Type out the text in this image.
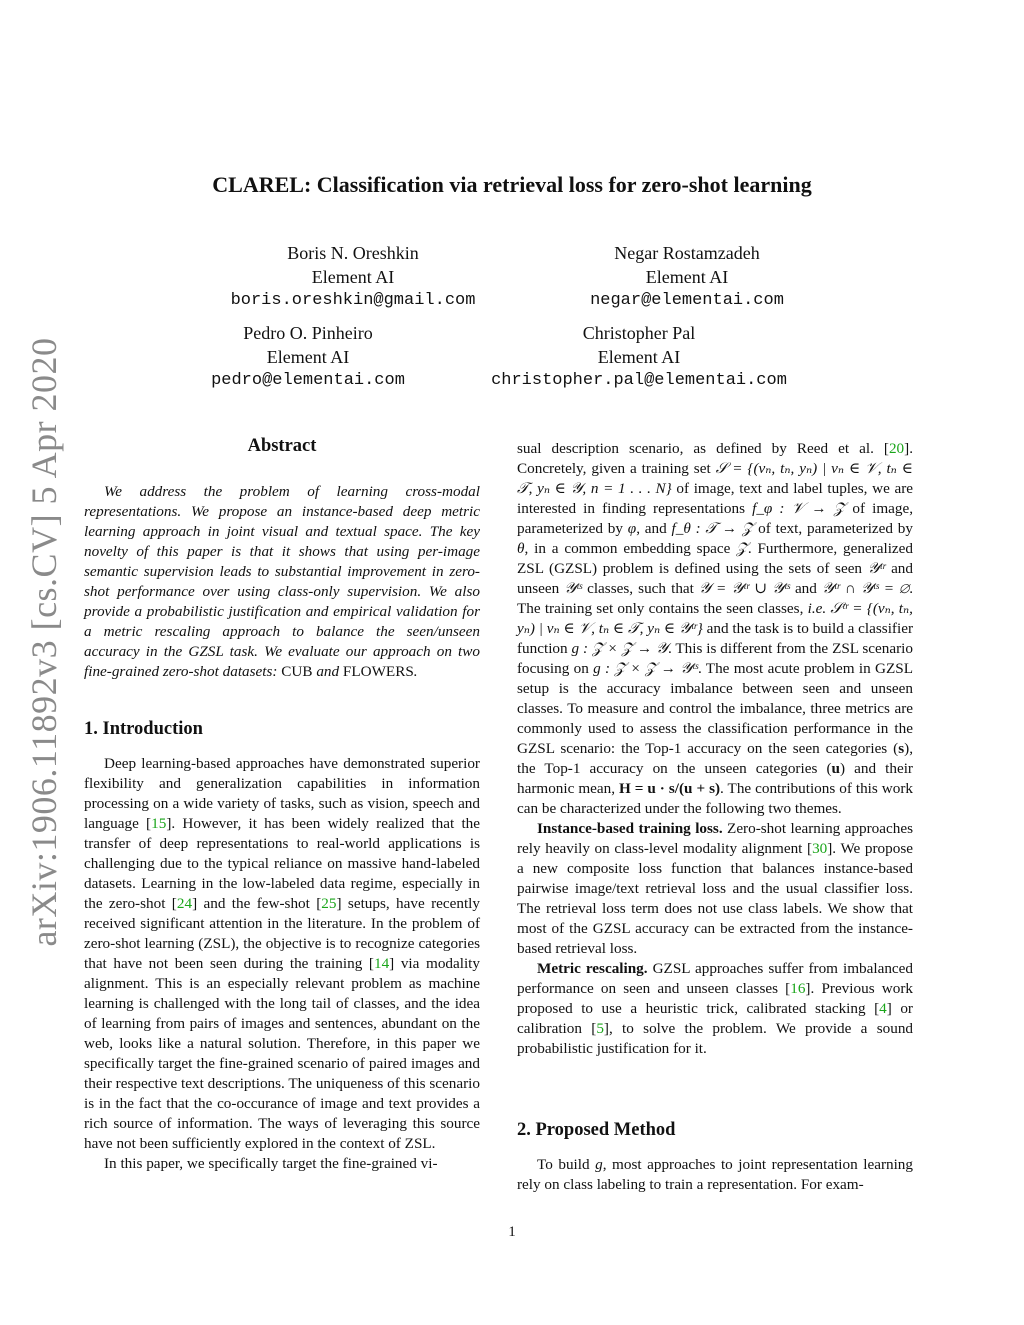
arXiv:1906.11892v3 [cs.CV] 5 Apr 2020
CLAREL: Classification via retrieval loss for zero-shot learning
Boris N. Oreshkin
Element AI
boris.oreshkin@gmail.com
Negar Rostamzadeh
Element AI
negar@elementai.com
Pedro O. Pinheiro
Element AI
pedro@elementai.com
Christopher Pal
Element AI
christopher.pal@elementai.com
Abstract

We address the problem of learning cross-modal representations. We propose an instance-based deep metric learning approach in joint visual and textual space. The key novelty of this paper is that it shows that using per-image semantic supervision leads to substantial improvement in zero-shot performance over using class-only supervision. We also provide a probabilistic justification and empirical validation for a metric rescaling approach to balance the seen/unseen accuracy in the GZSL task. We evaluate our approach on two fine-grained zero-shot datasets: CUB and FLOWERS.

1. Introduction

Deep learning-based approaches have demonstrated superior flexibility and generalization capabilities in information processing on a wide variety of tasks, such as vision, speech and language [15]. However, it has been widely realized that the transfer of deep representations to real-world applications is challenging due to the typical reliance on massive hand-labeled datasets. Learning in the low-labeled data regime, especially in the zero-shot [24] and the few-shot [25] setups, have recently received significant attention in the literature. In the problem of zero-shot learning (ZSL), the objective is to recognize categories that have not been seen during the training [14] via modality alignment. This is an especially relevant problem as machine learning is challenged with the long tail of classes, and the idea of learning from pairs of images and sentences, abundant on the web, looks like a natural solution. Therefore, in this paper we specifically target the fine-grained scenario of paired images and their respective text descriptions. The uniqueness of this scenario is in the fact that the co-occurance of image and text provides a rich source of information. The ways of leveraging this source have not been sufficiently explored in the context of ZSL.

In this paper, we specifically target the fine-grained vi-

sual description scenario, as defined by Reed et al. [20]. Concretely, given a training set 𝒮 = {(vₙ, tₙ, yₙ) | vₙ ∈ 𝒱, tₙ ∈ 𝒯, yₙ ∈ 𝒴, n = 1 . . . N} of image, text and label tuples, we are interested in finding representations f_φ : 𝒱 → 𝒵 of image, parameterized by φ, and f_θ : 𝒯 → 𝒵 of text, parameterized by θ, in a common embedding space 𝒵. Furthermore, generalized ZSL (GZSL) problem is defined using the sets of seen 𝒴ᵗʳ and unseen 𝒴ᵗˢ classes, such that 𝒴 = 𝒴ᵗʳ ∪ 𝒴ᵗˢ and 𝒴ᵗʳ ∩ 𝒴ᵗˢ = ∅. The training set only contains the seen classes, i.e. 𝒮ᵗʳ = {(vₙ, tₙ, yₙ) | vₙ ∈ 𝒱, tₙ ∈ 𝒯, yₙ ∈ 𝒴ᵗʳ} and the task is to build a classifier function g : 𝒵 × 𝒵 → 𝒴. This is different from the ZSL scenario focusing on g : 𝒵 × 𝒵 → 𝒴ᵗˢ. The most acute problem in GZSL setup is the accuracy imbalance between seen and unseen classes. To measure and control the imbalance, three metrics are commonly used to assess the classification performance in the GZSL scenario: the Top-1 accuracy on the seen categories (s), the Top-1 accuracy on the unseen categories (u) and their harmonic mean, H = u · s/(u + s). The contributions of this work can be characterized under the following two themes.

Instance-based training loss. Zero-shot learning approaches rely heavily on class-level modality alignment [30]. We propose a new composite loss function that balances instance-based pairwise image/text retrieval loss and the usual classifier loss. The retrieval loss term does not use class labels. We show that most of the GZSL accuracy can be extracted from the instance-based retrieval loss.

Metric rescaling. GZSL approaches suffer from imbalanced performance on seen and unseen classes [16]. Previous work proposed to use a heuristic trick, calibrated stacking [4] or calibration [5], to solve the problem. We provide a sound probabilistic justification for it.

2. Proposed Method

To build g, most approaches to joint representation learning rely on class labeling to train a representation. For exam-

1
